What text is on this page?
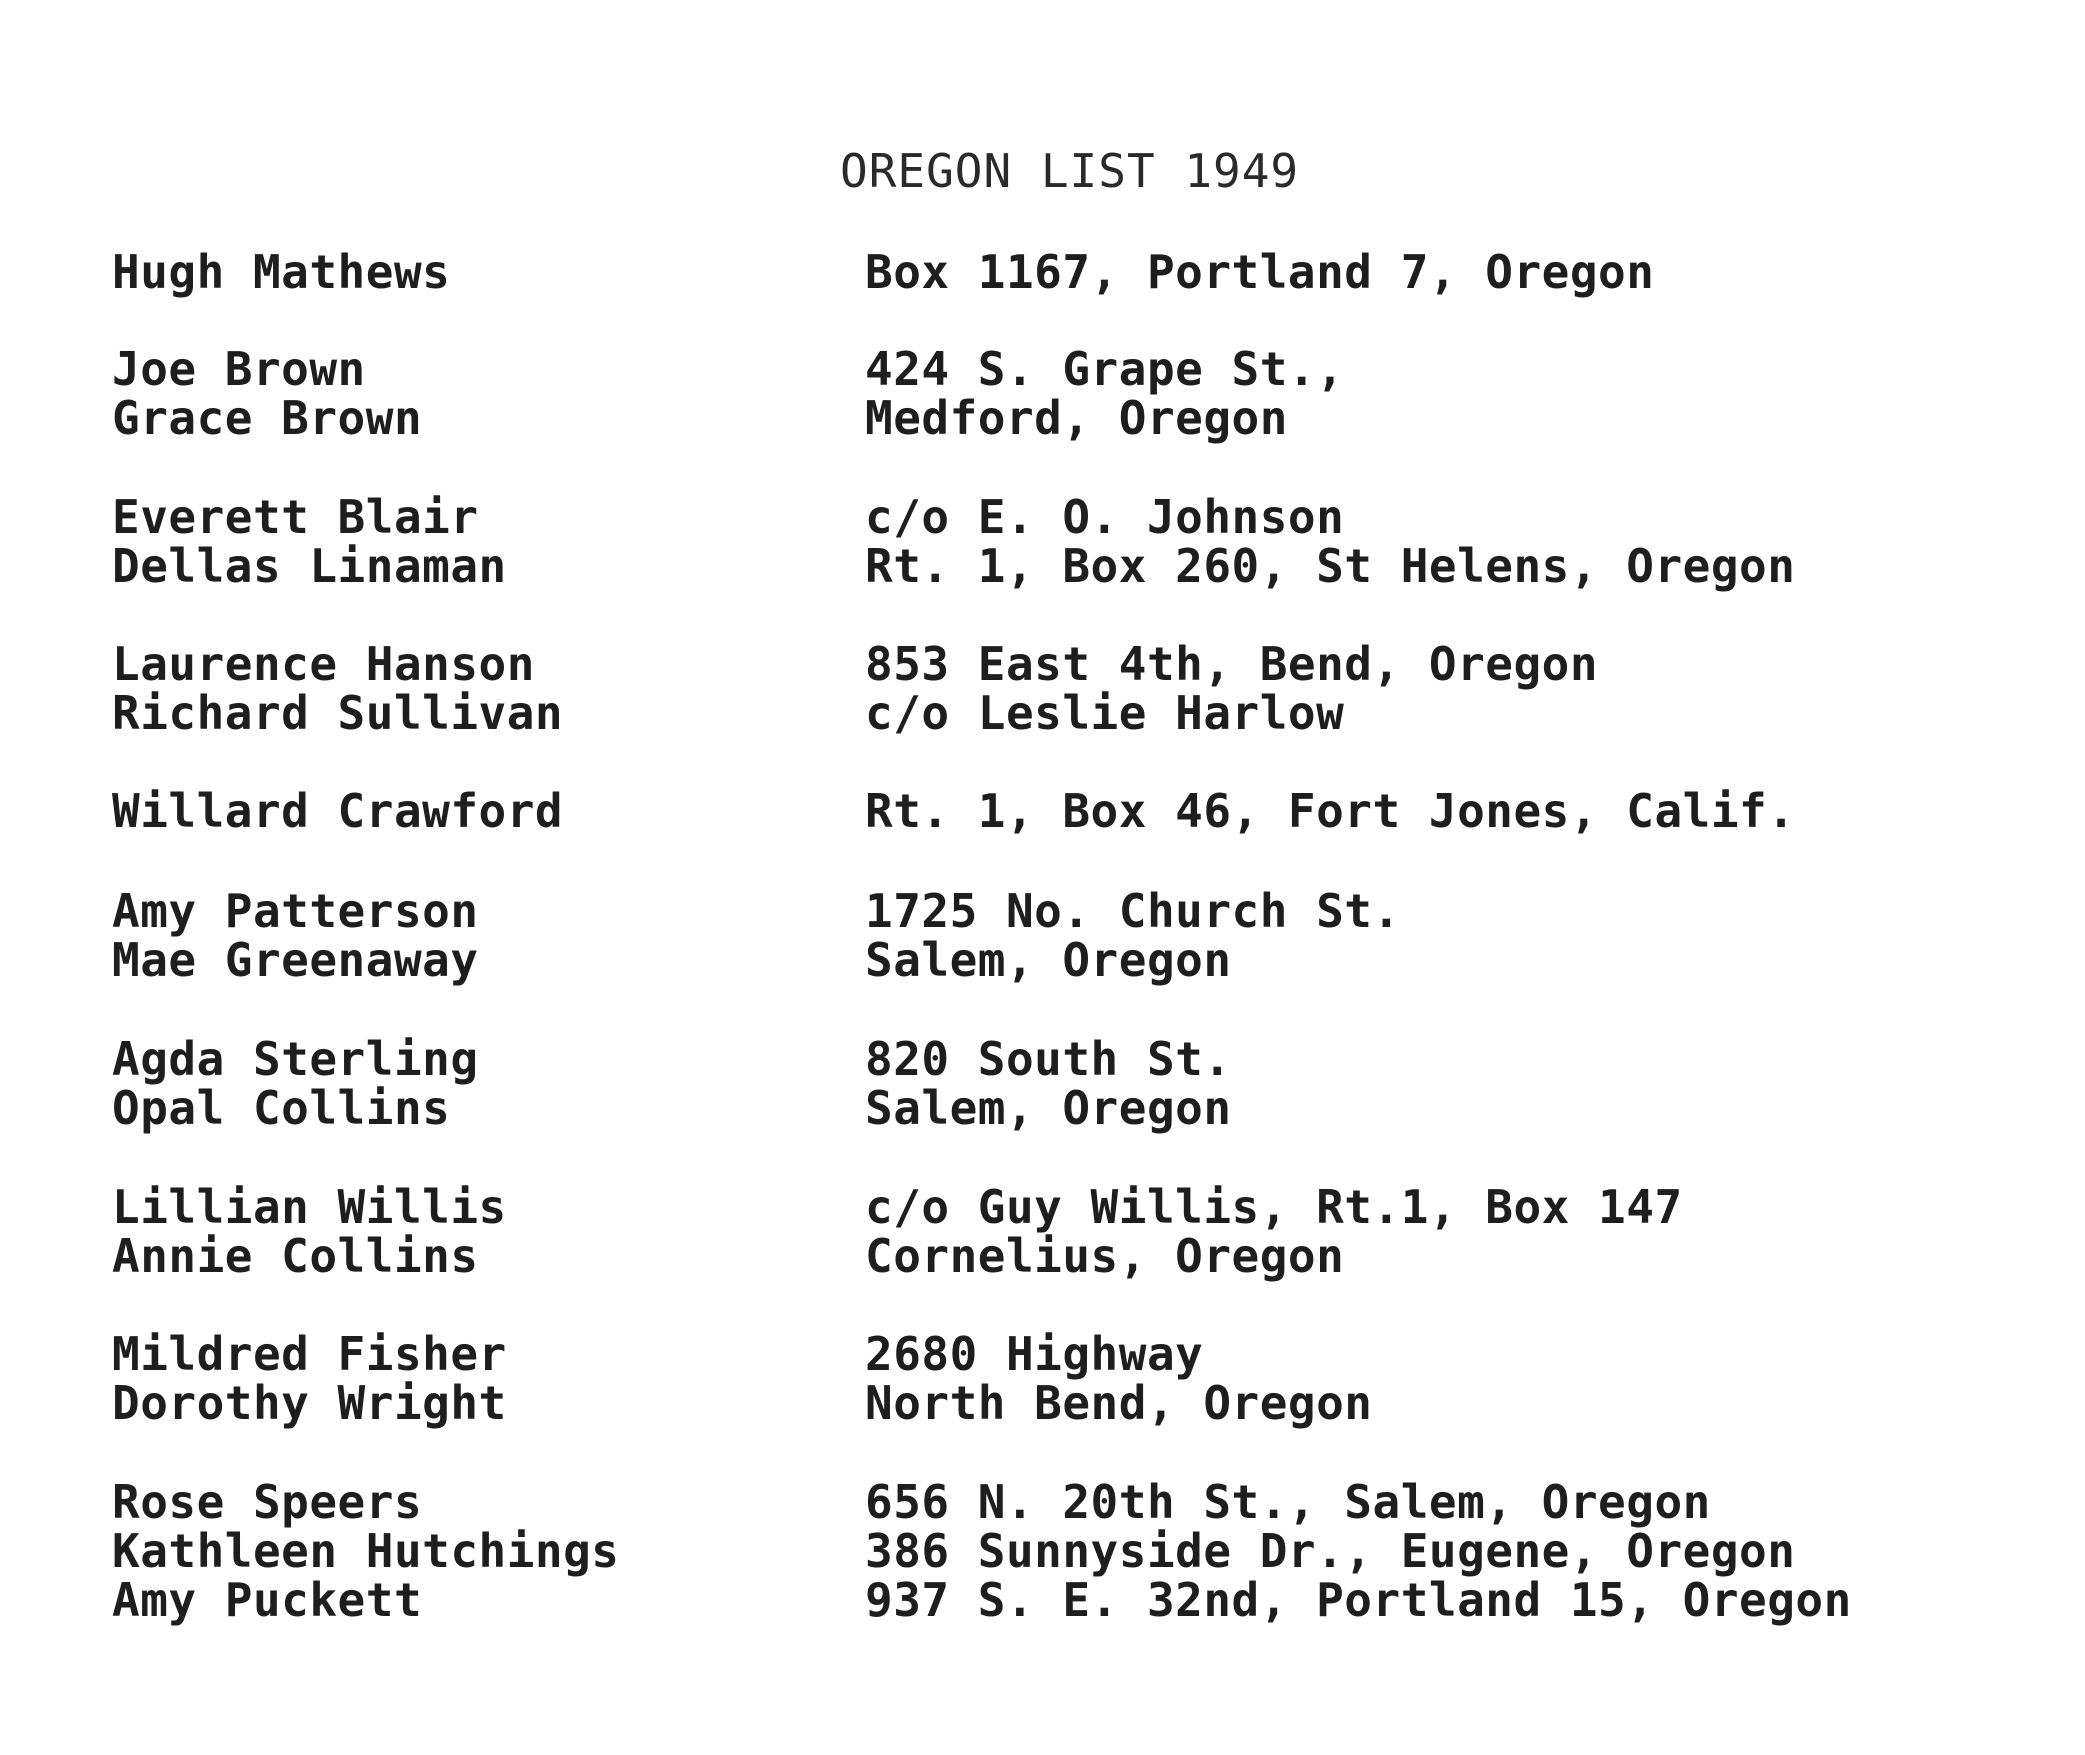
OREGON LIST 1949
Hugh Mathews	Box 1167, Portland 7, Oregon
Joe Brown
Grace Brown
424 S. Grape St.,
Medford, Oregon
Everett Blair
Dellas Linaman
c/o E. O. Johnson
Rt. 1, Box 260, St Helens, Oregon
Laurence Hanson
Richard Sullivan
853 East 4th, Bend, Oregon
c/o Leslie Harlow
Willard Crawford	Rt. 1, Box 46, Fort Jones, Calif.
Amy Patterson
Mae Greenaway
1725 No. Church St.
Salem, Oregon
Agda Sterling
Opal Collins
820 South St.
Salem, Oregon
Lillian Willis
Annie Collins
c/o Guy Willis, Rt.1, Box 147
Cornelius, Oregon
Mildred Fisher
Dorothy Wright
2680 Highway
North Bend, Oregon
Rose Speers
Kathleen Hutchings
Amy Puckett
656 N. 20th St., Salem, Oregon
386 Sunnyside Dr., Eugene, Oregon
937 S. E. 32nd, Portland 15, Oregon
